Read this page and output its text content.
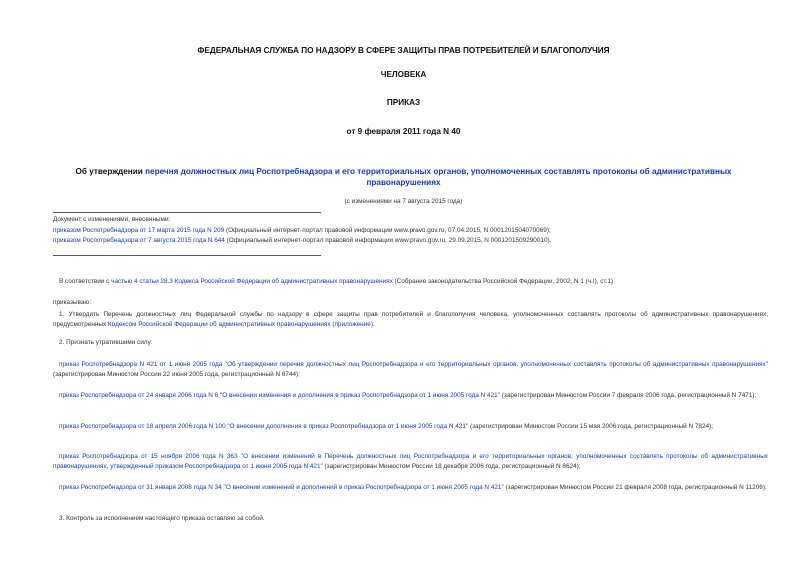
ФЕДЕРАЛЬНАЯ СЛУЖБА ПО НАДЗОРУ В СФЕРЕ ЗАЩИТЫ ПРАВ ПОТРЕБИТЕЛЕЙ И БЛАГОПОЛУЧИЯ
ЧЕЛОВЕКА
ПРИКАЗ
от 9 февраля 2011 года N 40
Об утверждении перечня должностных лиц Роспотребнадзора и его территориальных органов, уполномоченных составлять протоколы об административных правонарушениях
(с изменениями на 7 августа 2015 года)
Документ с изменениями, внесенными:
приказом Роспотребнадзора от 17 марта 2015 года N 209 (Официальный интернет-портал правовой информации www.pravo.gov.ru, 07.04.2015, N 0001201504070069);
приказом Роспотребнадзора от 7 августа 2015 года N 644 (Официальный интернет-портал правовой информации www.pravo.gov.ru, 29.09.2015, N 0001201509290010).
В соответствии с частью 4 статьи 28.3 Кодекса Российской Федерации об административных правонарушениях (Собрание законодательства Российской Федерации, 2002, N 1 (ч.I), ст.1)
приказываю:
1. Утвердить Перечень должностных лиц Федеральной службы по надзору в сфере защиты прав потребителей и благополучия человека, уполномоченных составлять протоколы об административных правонарушениях, предусмотренных Кодексом Российской Федерации об административных правонарушениях (приложение).
2. Признать утратившими силу:
приказ Роспотребнадзора N 421 от 1 июня 2005 года "Об утверждении перечня должностных лиц Роспотребнадзора и его территориальных органов, уполномоченных составлять протоколы об административных правонарушениях" (зарегистрирован Минюстом России 22 июня 2005 года, регистрационный N 6744);
приказ Роспотребнадзора от 24 января 2006 года N 6 "О внесении изменения и дополнения в приказ Роспотребнадзора от 1 июня 2005 года N 421" (зарегистрирован Минюстом России 7 февраля 2006 года, регистрационный N 7471);
приказ Роспотребнадзора от 18 апреля 2006 года N 100 "О внесении дополнения в приказ Роспотребнадзора от 1 июня 2005 года N 421" (зарегистрирован Минюстом России 15 мая 2006 года, регистрационный N 7824);
приказ Роспотребнадзора от 15 ноября 2006 года N 363 "О внесении изменений в Перечень должностных лиц Роспотребнадзора и его территориальных органов, уполномоченных составлять протоколы об административных правонарушениях, утвержденный приказом Роспотребнадзора от 1 июня 2005 года N 421" (зарегистрирован Минюстом России 18 декабря 2006 года, регистрационный N 8624);
приказ Роспотребнадзора от 31 января 2008 года N 34 "О внесении изменений и дополнений в приказ Роспотребнадзора от 1 июня 2005 года N 421" (зарегистрирован Минюстом России 21 февраля 2008 года, регистрационный N 11206).
3. Контроль за исполнением настоящего приказа оставляю за собой.
